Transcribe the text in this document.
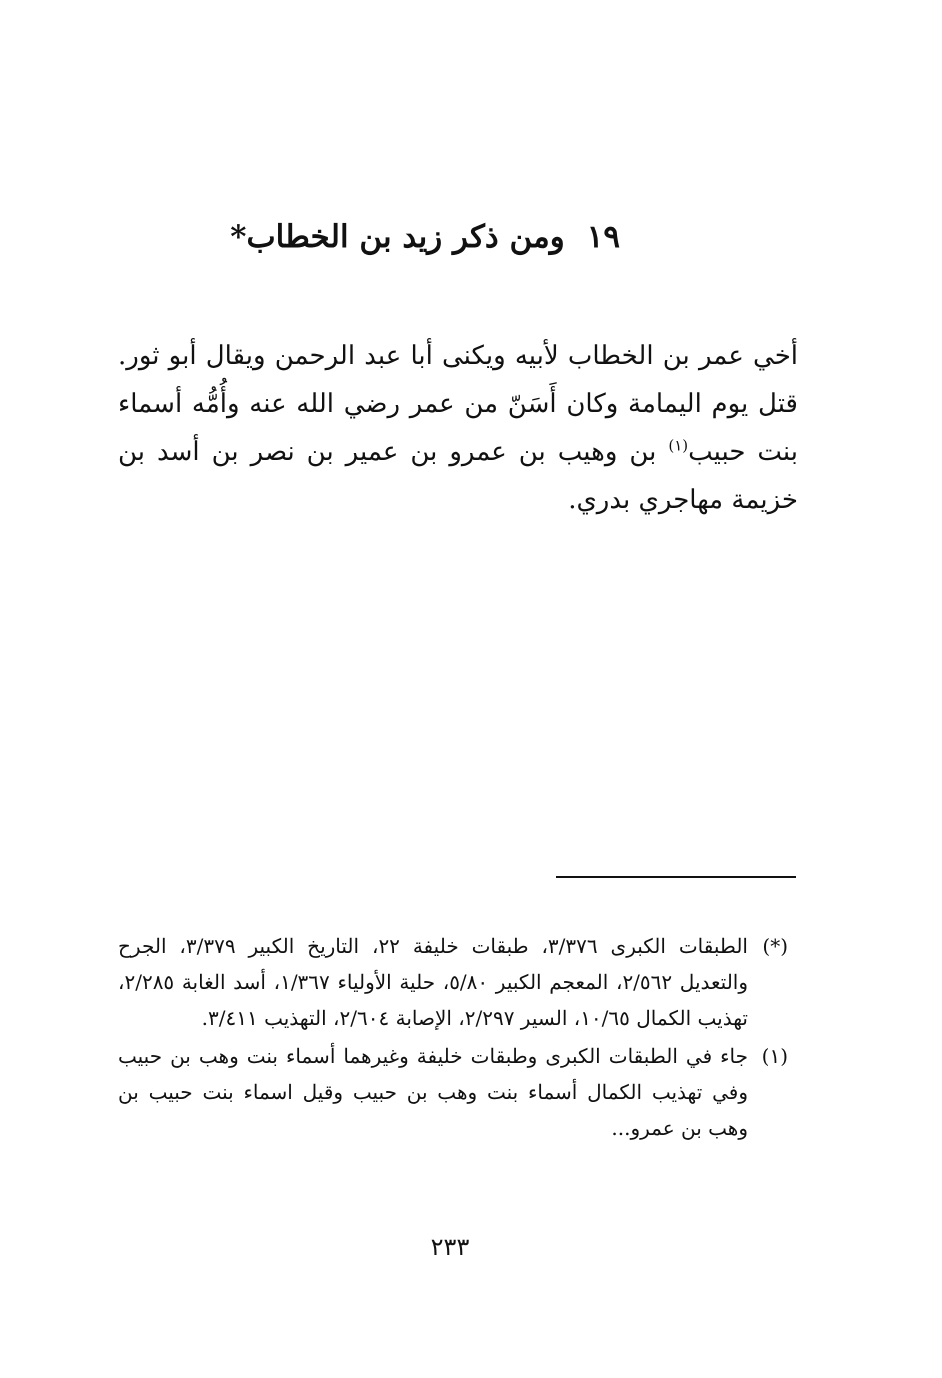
١٩ومن ذكر زيد بن الخطاب*

أخي عمر بن الخطاب لأبيه ويكنى أبا عبد الرحمن ويقال أبو ثور. قتل يوم اليمامة وكان أَسَنّ من عمر رضي الله عنه وأُمُّه أسماء بنت حبيب$^{(١)}$ بن وهيب بن عمرو بن عمير بن نصر بن أسد بن خزيمة مهاجري بدري.

(*)
الطبقات الكبرى ٣/٣٧٦، طبقات خليفة ٢٢، التاريخ الكبير ٣/٣٧٩، الجرح والتعديل ٢/٥٦٢، المعجم الكبير ٥/٨٠، حلية الأولياء ١/٣٦٧، أسد الغابة ٢/٢٨٥، تهذيب الكمال ١٠/٦٥، السير ٢/٢٩٧، الإصابة ٢/٦٠٤، التهذيب ٣/٤١١.
(١)
جاء في الطبقات الكبرى وطبقات خليفة وغيرهما أسماء بنت وهب بن حبيب وفي تهذيب الكمال أسماء بنت وهب بن حبيب وقيل اسماء بنت حبيب بن وهب بن عمرو...
٢٣٣
